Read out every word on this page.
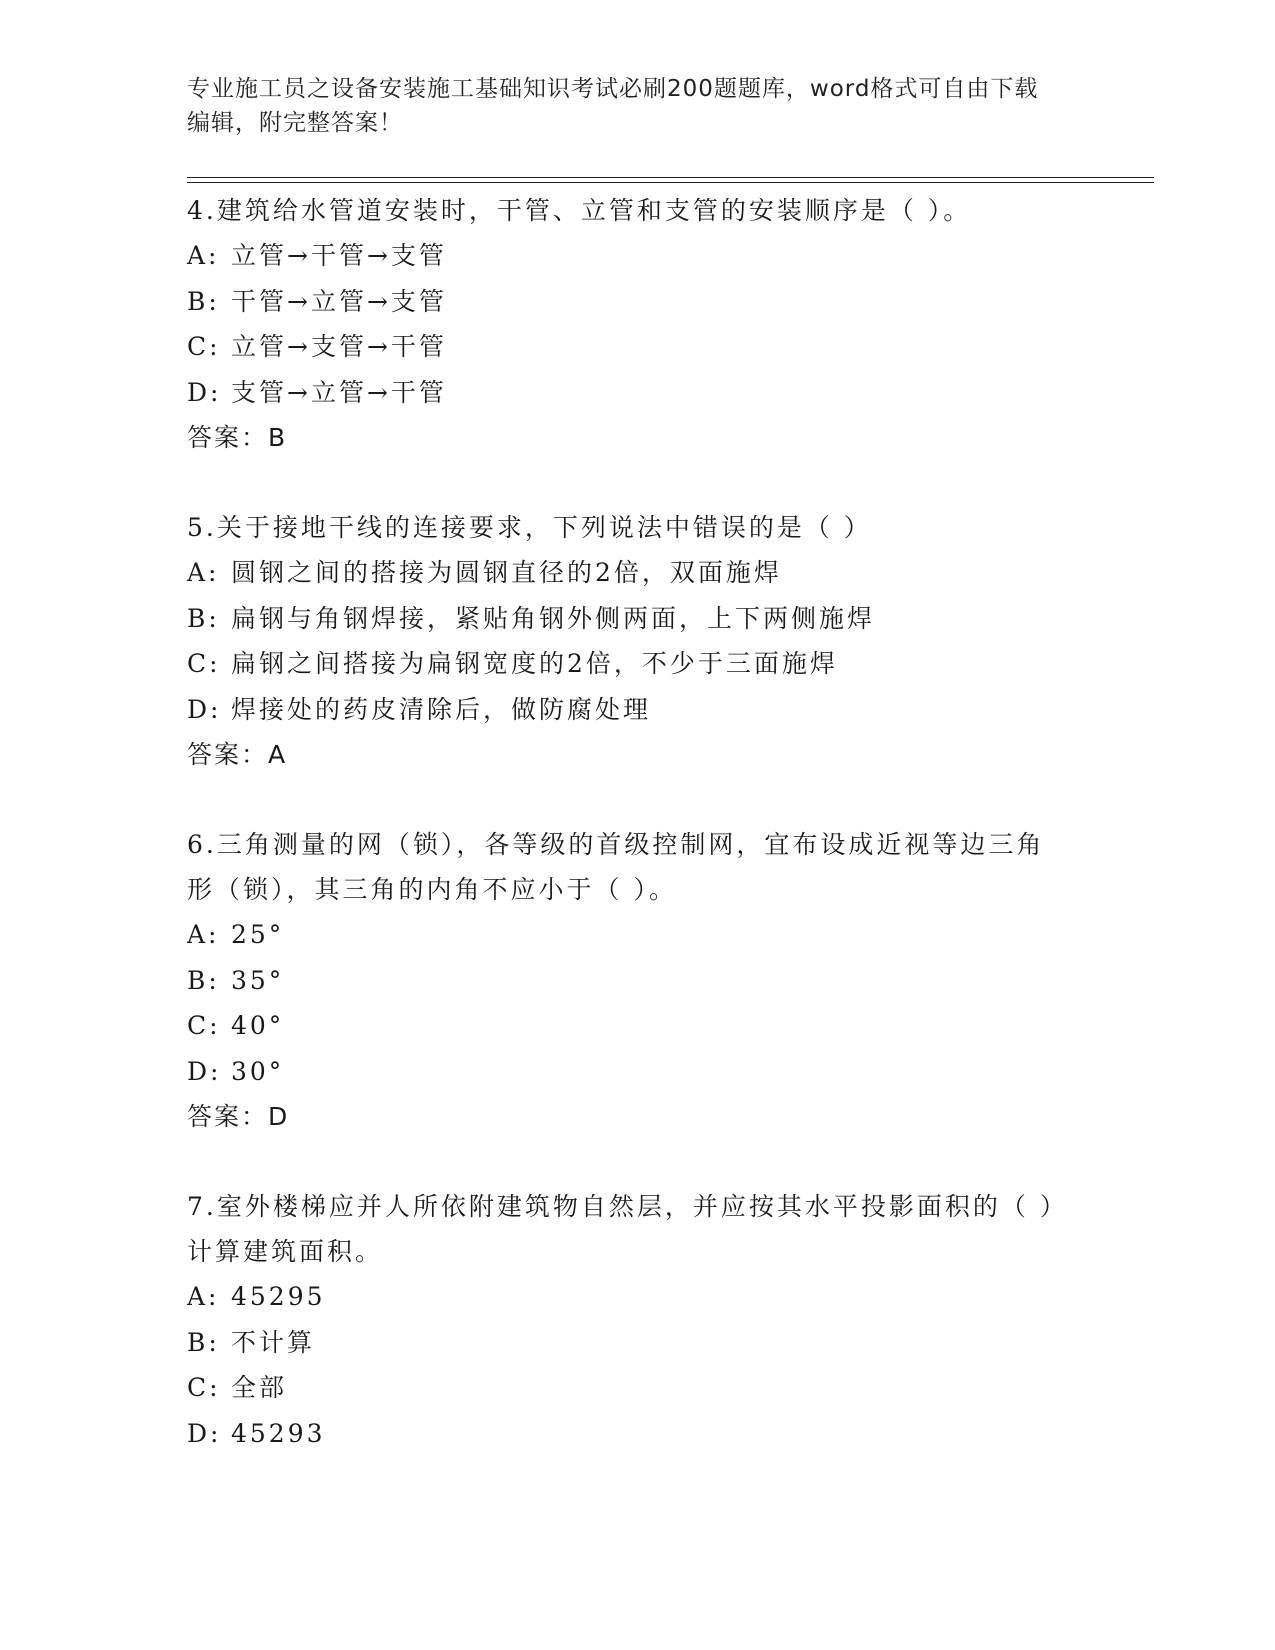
专业施工员之设备安装施工基础知识考试必刷200题题库，word格式可自由下载
编辑，附完整答案！

4.建筑给水管道安装时，干管、立管和支管的安装顺序是（ ）。

A: 立管→干管→支管

B: 干管→立管→支管

C: 立管→支管→干管

D: 支管→立管→干管

答案：B

5.关于接地干线的连接要求，下列说法中错误的是（ ）

A: 圆钢之间的搭接为圆钢直径的2倍，双面施焊

B: 扁钢与角钢焊接，紧贴角钢外侧两面，上下两侧施焊

C: 扁钢之间搭接为扁钢宽度的2倍，不少于三面施焊

D: 焊接处的药皮清除后，做防腐处理

答案：A

6.三角测量的网（锁），各等级的首级控制网，宜布设成近视等边三角形（锁），其三角的内角不应小于（ ）。

A: 25°

B: 35°

C: 40°

D: 30°

答案：D

7.室外楼梯应并人所依附建筑物自然层，并应按其水平投影面积的（ ）计算建筑面积。

A: 45295

B: 不计算

C: 全部

D: 45293
